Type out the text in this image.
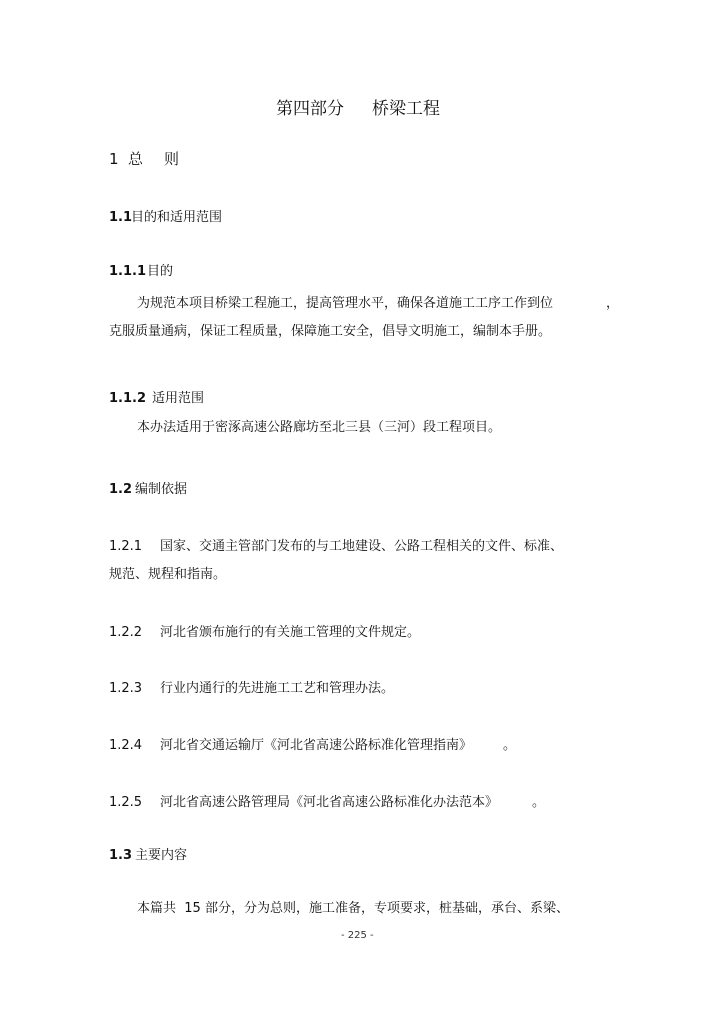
第四部分 桥梁工程
1 总 则
1.1
目的和适用范围
1.1.1 目的
为规范本项目桥梁工程施工，提高管理水平，确保各道施工工序工作到位	，
克服质量通病，保证工程质量，保障施工安全，倡导文明施工，编制本手册。
1.1.2 适用范围
本办法适用于密涿高速公路廊坊至北三县（三河）段工程项目。
1.2 编制依据
1.2.1 国家、交通主管部门发布的与工地建设、公路工程相关的文件、标准、
规范、规程和指南。
1.2.2 河北省颁布施行的有关施工管理的文件规定。
1.2.3 行业内通行的先进施工工艺和管理办法。
1.2.4 河北省交通运输厅《河北省高速公路标准化管理指南》 。
1.2.5 河北省高速公路管理局《河北省高速公路标准化办法范本》	。
1.3 主要内容
本篇共  15 部分，分为总则，施工准备，专项要求，桩基础，承台、系梁、
- 225 -
